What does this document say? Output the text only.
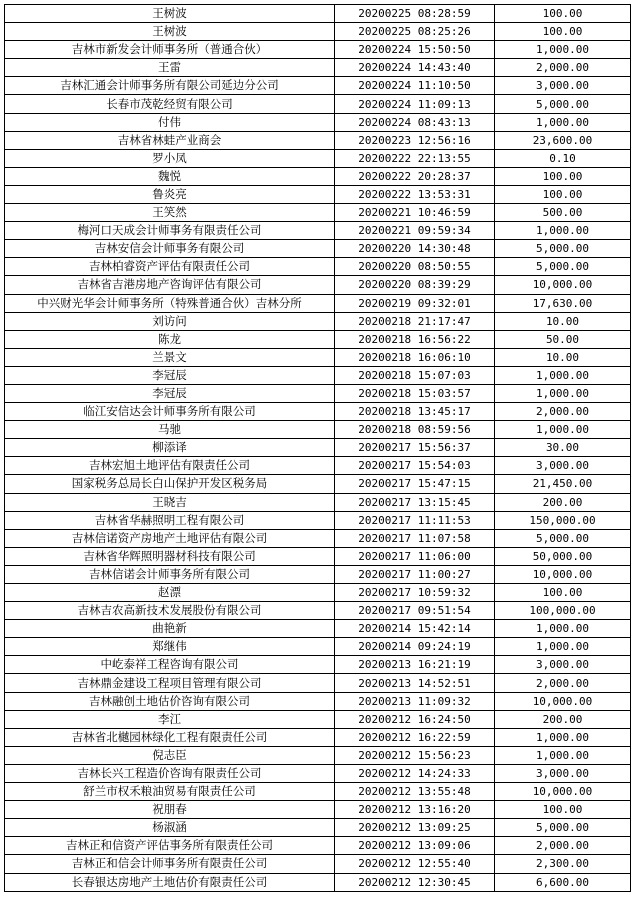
王树波	20200225 08:28:59	100.00
王树波	20200225 08:25:26	100.00
吉林市新发会计师事务所（普通合伙）	20200224 15:50:50	1,000.00
王雷	20200224 14:43:40	2,000.00
吉林汇通会计师事务所有限公司延边分公司	20200224 11:10:50	3,000.00
长春市茂乾经贸有限公司	20200224 11:09:13	5,000.00
付伟	20200224 08:43:13	1,000.00
吉林省林蛙产业商会	20200223 12:56:16	23,600.00
罗小凤	20200222 22:13:55	0.10
魏悦	20200222 20:28:37	100.00
鲁炎亮	20200222 13:53:31	100.00
王笑然	20200221 10:46:59	500.00
梅河口天成会计师事务有限责任公司	20200221 09:59:34	1,000.00
吉林安信会计师事务有限公司	20200220 14:30:48	5,000.00
吉林柏睿资产评估有限责任公司	20200220 08:50:55	5,000.00
吉林省吉港房地产咨询评估有限公司	20200220 08:39:29	10,000.00
中兴财光华会计师事务所（特殊普通合伙）吉林分所	20200219 09:32:01	17,630.00
刘访问	20200218 21:17:47	10.00
陈龙	20200218 16:56:22	50.00
兰景文	20200218 16:06:10	10.00
李冠辰	20200218 15:07:03	1,000.00
李冠辰	20200218 15:03:57	1,000.00
临江安信达会计师事务所有限公司	20200218 13:45:17	2,000.00
马驰	20200218 08:59:56	1,000.00
柳添译	20200217 15:56:37	30.00
吉林宏旭土地评估有限责任公司	20200217 15:54:03	3,000.00
国家税务总局长白山保护开发区税务局	20200217 15:47:15	21,450.00
王晓吉	20200217 13:15:45	200.00
吉林省华赫照明工程有限公司	20200217 11:11:53	150,000.00
吉林信诺资产房地产土地评估有限公司	20200217 11:07:58	5,000.00
吉林省华辉照明器材科技有限公司	20200217 11:06:00	50,000.00
吉林信诺会计师事务所有限公司	20200217 11:00:27	10,000.00
赵漂	20200217 10:59:32	100.00
吉林吉农高新技术发展股份有限公司	20200217 09:51:54	100,000.00
曲艳新	20200214 15:42:14	1,000.00
郑继伟	20200214 09:24:19	1,000.00
中屹泰祥工程咨询有限公司	20200213 16:21:19	3,000.00
吉林鼎金建设工程项目管理有限公司	20200213 14:52:51	2,000.00
吉林融创土地估价咨询有限公司	20200213 11:09:32	10,000.00
李江	20200212 16:24:50	200.00
吉林省北樾园林绿化工程有限责任公司	20200212 16:22:59	1,000.00
倪志臣	20200212 15:56:23	1,000.00
吉林长兴工程造价咨询有限责任公司	20200212 14:24:33	3,000.00
舒兰市权禾粮油贸易有限责任公司	20200212 13:55:48	10,000.00
祝朋春	20200212 13:16:20	100.00
杨淑涵	20200212 13:09:25	5,000.00
吉林正和信资产评估事务所有限责任公司	20200212 13:09:06	2,000.00
吉林正和信会计师事务所有限责任公司	20200212 12:55:40	2,300.00
长春银达房地产土地估价有限责任公司	20200212 12:30:45	6,600.00
